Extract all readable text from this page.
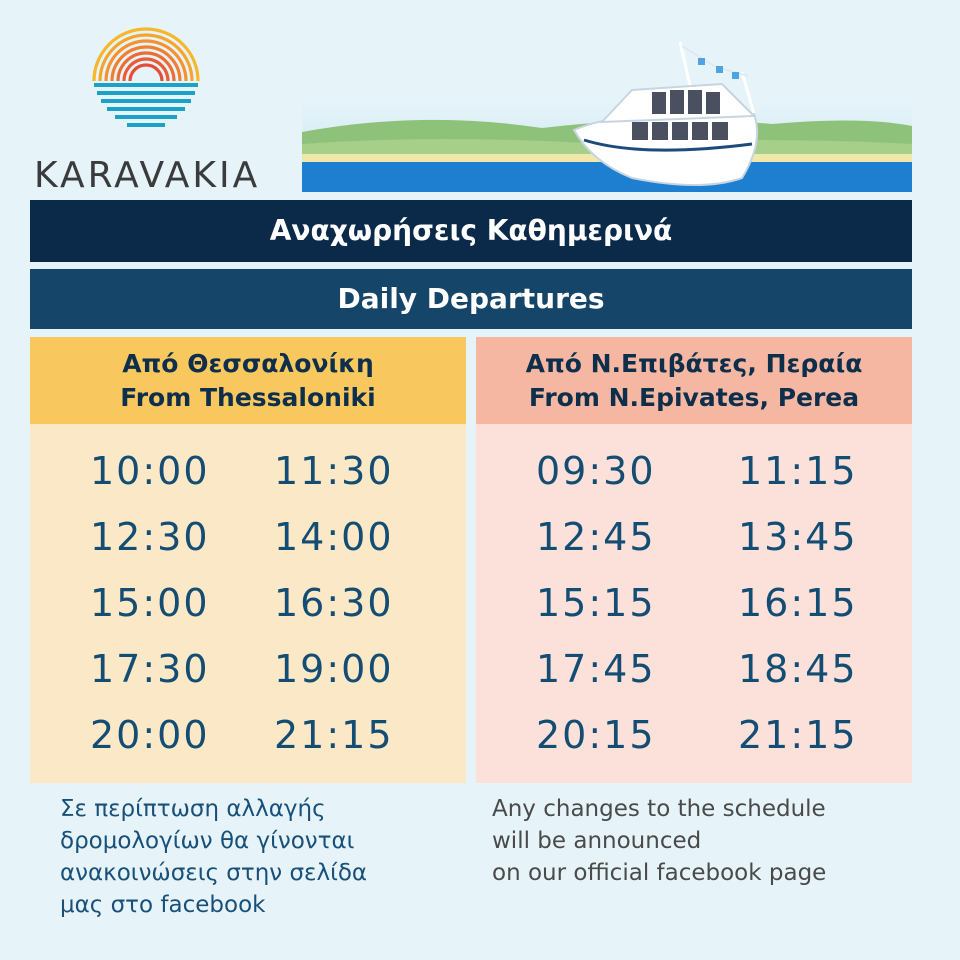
KARAVAKIA
Αναχωρήσεις Καθημερινά
Daily Departures
Από Θεσσαλονίκη
From Thessaloniki
10:00 11:30
12:30 14:00
15:00 16:30
17:30 19:00
20:00 21:15
Από Ν.Επιβάτες, Περαία
From N.Epivates, Perea
09:30 11:15
12:45 13:45
15:15 16:15
17:45 18:45
20:15 21:15
Σε περίπτωση αλλαγής
δρομολογίων θα γίνονται
ανακοινώσεις στην σελίδα
μας στο facebook
Any changes to the schedule
will be announced
on our official facebook page
